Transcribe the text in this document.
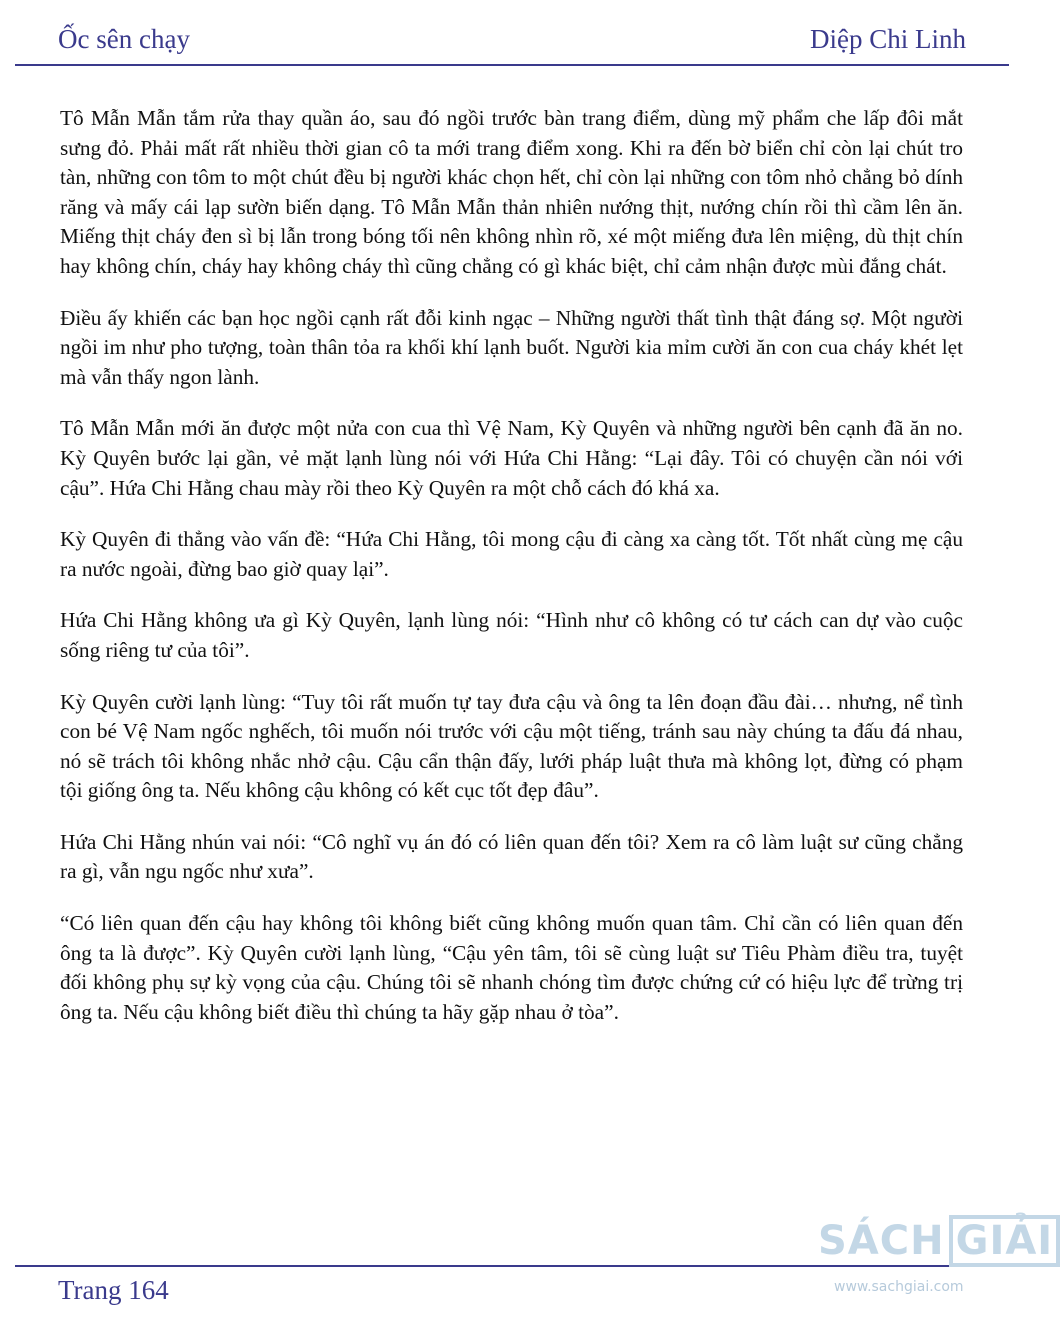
Ốc sên chạy	Diệp Chi Linh

Tô Mẫn Mẫn tắm rửa thay quần áo, sau đó ngồi trước bàn trang điểm, dùng mỹ phẩm che lấp đôi mắt sưng đỏ. Phải mất rất nhiều thời gian cô ta mới trang điểm xong. Khi ra đến bờ biển chỉ còn lại chút tro tàn, những con tôm to một chút đều bị người khác chọn hết, chỉ còn lại những con tôm nhỏ chẳng bỏ dính răng và mấy cái lạp sườn biến dạng. Tô Mẫn Mẫn thản nhiên nướng thịt, nướng chín rồi thì cầm lên ăn. Miếng thịt cháy đen sì bị lẫn trong bóng tối nên không nhìn rõ, xé một miếng đưa lên miệng, dù thịt chín hay không chín, cháy hay không cháy thì cũng chẳng có gì khác biệt, chỉ cảm nhận được mùi đắng chát.

Điều ấy khiến các bạn học ngồi cạnh rất đỗi kinh ngạc – Những người thất tình thật đáng sợ. Một người ngồi im như pho tượng, toàn thân tỏa ra khối khí lạnh buốt. Người kia mỉm cười ăn con cua cháy khét lẹt mà vẫn thấy ngon lành.

Tô Mẫn Mẫn mới ăn được một nửa con cua thì Vệ Nam, Kỳ Quyên và những người bên cạnh đã ăn no. Kỳ Quyên bước lại gần, vẻ mặt lạnh lùng nói với Hứa Chi Hằng: “Lại đây. Tôi có chuyện cần nói với cậu”. Hứa Chi Hằng chau mày rồi theo Kỳ Quyên ra một chỗ cách đó khá xa.

Kỳ Quyên đi thẳng vào vấn đề: “Hứa Chi Hằng, tôi mong cậu đi càng xa càng tốt. Tốt nhất cùng mẹ cậu ra nước ngoài, đừng bao giờ quay lại”.

Hứa Chi Hằng không ưa gì Kỳ Quyên, lạnh lùng nói: “Hình như cô không có tư cách can dự vào cuộc sống riêng tư của tôi”.

Kỳ Quyên cười lạnh lùng: “Tuy tôi rất muốn tự tay đưa cậu và ông ta lên đoạn đầu đài… nhưng, nể tình con bé Vệ Nam ngốc nghếch, tôi muốn nói trước với cậu một tiếng, tránh sau này chúng ta đấu đá nhau, nó sẽ trách tôi không nhắc nhở cậu. Cậu cẩn thận đấy, lưới pháp luật thưa mà không lọt, đừng có phạm tội giống ông ta. Nếu không cậu không có kết cục tốt đẹp đâu”.

Hứa Chi Hằng nhún vai nói: “Cô nghĩ vụ án đó có liên quan đến tôi? Xem ra cô làm luật sư cũng chẳng ra gì, vẫn ngu ngốc như xưa”.

“Có liên quan đến cậu hay không tôi không biết cũng không muốn quan tâm. Chỉ cần có liên quan đến ông ta là được”. Kỳ Quyên cười lạnh lùng, “Cậu yên tâm, tôi sẽ cùng luật sư Tiêu Phàm điều tra, tuyệt đối không phụ sự kỳ vọng của cậu. Chúng tôi sẽ nhanh chóng tìm được chứng cứ có hiệu lực để trừng trị ông ta. Nếu cậu không biết điều thì chúng ta hãy gặp nhau ở tòa”.

Trang 164
SÁCH GIẢI
www.sachgiai.com
